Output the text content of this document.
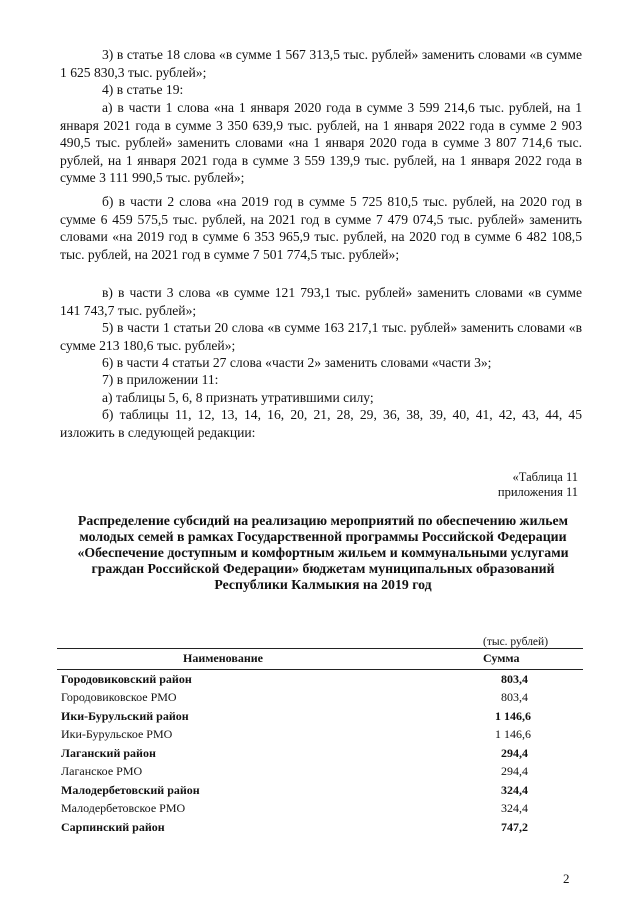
3) в статье 18 слова «в сумме 1 567 313,5 тыс. рублей» заменить словами «в сумме 1 625 830,3 тыс. рублей»;
4) в статье 19:
а) в части 1 слова «на 1 января 2020 года в сумме 3 599 214,6 тыс. рублей, на 1 января 2021 года в сумме 3 350 639,9 тыс. рублей, на 1 января 2022 года в сумме 2 903 490,5 тыс. рублей» заменить словами «на 1 января 2020 года в сумме 3 807 714,6 тыс. рублей, на 1 января 2021 года в сумме 3 559 139,9 тыс. рублей, на 1 января 2022 года в сумме 3 111 990,5 тыс. рублей»;
б) в части 2 слова «на 2019 год в сумме 5 725 810,5 тыс. рублей, на 2020 год в сумме 6 459 575,5 тыс. рублей, на 2021 год в сумме 7 479 074,5 тыс. рублей» заменить словами «на 2019 год в сумме 6 353 965,9 тыс. рублей, на 2020 год в сумме 6 482 108,5 тыс. рублей, на 2021 год в сумме 7 501 774,5 тыс. рублей»;
в) в части 3 слова «в сумме 121 793,1 тыс. рублей» заменить словами «в сумме 141 743,7 тыс. рублей»;
5) в части 1 статьи 20 слова «в сумме 163 217,1 тыс. рублей» заменить словами «в сумме 213 180,6 тыс. рублей»;
6) в части 4 статьи 27 слова «части 2» заменить словами «части 3»;
7) в приложении 11:
а) таблицы 5, 6, 8 признать утратившими силу;
б) таблицы 11, 12, 13, 14, 16, 20, 21, 28, 29, 36, 38, 39, 40, 41, 42, 43, 44, 45 изложить в следующей редакции:
«Таблица 11
приложения 11
Распределение субсидий на реализацию мероприятий по обеспечению жильем молодых семей в рамках Государственной программы Российской Федерации «Обеспечение доступным и комфортным жильем и коммунальными услугами граждан Российской Федерации» бюджетам муниципальных образований Республики Калмыкия на 2019 год
(тыс. рублей)
Наименование	Сумма
Городовиковский район	803,4
Городовиковское РМО	803,4
Ики-Бурульский район	1 146,6
Ики-Бурульское РМО	1 146,6
Лаганский район	294,4
Лаганское РМО	294,4
Малодербетовский район	324,4
Малодербетовское РМО	324,4
Сарпинский район	747,2
2
